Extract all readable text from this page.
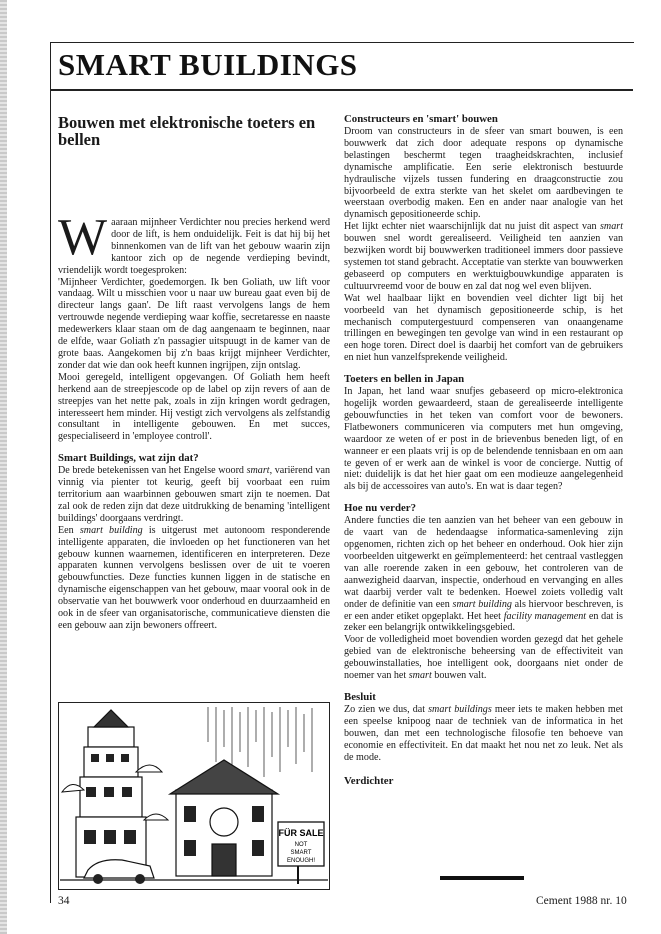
SMART BUILDINGS
Bouwen met elektronische toeters en bellen

Waaraan mijnheer Verdichter nou precies herkend werd door de lift, is hem onduidelijk. Feit is dat hij bij het binnenkomen van de lift van het gebouw waarin zijn kantoor zich op de negende verdieping bevindt, vriendelijk wordt toegesproken:

'Mijnheer Verdichter, goedemorgen. Ik ben Goliath, uw lift voor vandaag. Wilt u misschien voor u naar uw bureau gaat even bij de directeur langs gaan'. De lift raast vervolgens langs de hem vertrouwde negende verdieping waar koffie, secretaresse en naaste medewerkers klaar staan om de dag aangenaam te beginnen, naar de elfde, waar Goliath z'n passagier uitspuugt in de kamer van de grote baas. Aangekomen bij z'n baas krijgt mijnheer Verdichter, zonder dat wie dan ook heeft kunnen ingrijpen, zijn ontslag.

Mooi geregeld, intelligent opgevangen. Of Goliath hem heeft herkend aan de streepjescode op de label op zijn revers of aan de streepjes van het nette pak, zoals in zijn kringen wordt gedragen, interesseert hem minder. Hij vestigt zich vervolgens als zelfstandig consultant in intelligente gebouwen. En met succes, gespecialiseerd in 'employee controll'.

Smart Buildings, wat zijn dat?

De brede betekenissen van het Engelse woord smart, variërend van vinnig via pienter tot keurig, geeft bij voorbaat een ruim territorium aan waarbinnen gebouwen smart zijn te noemen. Dat zal ook de reden zijn dat deze uitdrukking de benaming 'intelligent buildings' doorgaans verdringt.

Een smart building is uitgerust met autonoom responderende intelligente apparaten, die invloeden op het functioneren van het gebouw kunnen waarnemen, identificeren en interpreteren. Deze apparaten kunnen vervolgens beslissen over de uit te voeren gebouwfuncties. Deze functies kunnen liggen in de statische en dynamische eigenschappen van het gebouw, maar vooral ook in de observatie van het bouwwerk voor onderhoud en duurzaamheid en ook in de sfeer van organisatorische, communicatieve diensten die een gebouw aan zijn bewoners offreert.

Constructeurs en 'smart' bouwen

Droom van constructeurs in de sfeer van smart bouwen, is een bouwwerk dat zich door adequate respons op dynamische belastingen beschermt tegen traagheidskrachten, inclusief dynamische amplificatie. Een serie elektronisch bestuurde hydraulische vijzels tussen fundering en draagconstructie zou bijvoorbeeld de extra sterkte van het skelet om aardbevingen te weerstaan overbodig maken. Een en ander naar analogie van het dynamisch gepositioneerde schip.

Het lijkt echter niet waarschijnlijk dat nu juist dit aspect van smart bouwen snel wordt gerealiseerd. Veiligheid ten aanzien van bezwijken wordt bij bouwwerken traditioneel immers door passieve systemen tot stand gebracht. Acceptatie van sterkte van bouwwerken gebaseerd op computers en werktuigbouwkundige apparaten is cultuurvreemd voor de bouw en zal dat nog wel even blijven.

Wat wel haalbaar lijkt en bovendien veel dichter ligt bij het voorbeeld van het dynamisch gepositioneerde schip, is het mechanisch computergestuurd compenseren van onaangename trillingen en bewegingen ten gevolge van wind in een restaurant op een hoge toren. Direct doel is daarbij het comfort van de gebruikers en niet hun vanzelfsprekende veiligheid.

Toeters en bellen in Japan

In Japan, het land waar snufjes gebaseerd op micro-elektronica hogelijk worden gewaardeerd, staan de gerealiseerde intelligente gebouwfuncties in het teken van comfort voor de bewoners. Flatbewoners communiceren via computers met hun omgeving, waardoor ze weten of er post in de brievenbus beneden ligt, of en wanneer er een plaats vrij is op de belendende tennisbaan en om aan te geven of er werk aan de winkel is voor de concierge. Nuttig of niet: duidelijk is dat het hier gaat om een modieuze aangelegenheid als bij de accessoires van auto's. En wat is daar tegen?

Hoe nu verder?

Andere functies die ten aanzien van het beheer van een gebouw in de vaart van de hedendaagse informatica-samenleving zijn opgenomen, richten zich op het beheer en onderhoud. Ook hier zijn voorbeelden uitgewerkt en geïmplementeerd: het centraal vastleggen van alle roerende zaken in een gebouw, het controleren van de aanwezigheid daarvan, inspectie, onderhoud en vervanging en alles wat daarbij verder valt te bedenken. Hoewel zoiets volledig valt onder de definitie van een smart building als hiervoor beschreven, is er een ander etiket opgeplakt. Het heet facility management en dat is zeker een belangrijk ontwikkelingsgebied.

Voor de volledigheid moet bovendien worden gezegd dat het gehele gebied van de elektronische beheersing van de effectiviteit van gebouwinstallaties, hoe intelligent ook, doorgaans niet onder de noemer van het smart bouwen valt.

Besluit

Zo zien we dus, dat smart buildings meer iets te maken hebben met een speelse knipoog naar de techniek van de informatica in het bouwen, dan met een technologische filosofie ten behoeve van economie en effectiviteit. En dat maakt het nou net zo leuk. Net als de mode.

Verdichter
FÜR SALE
NOT
SMART
ENOUGH!
34	Cement 1988 nr. 10
